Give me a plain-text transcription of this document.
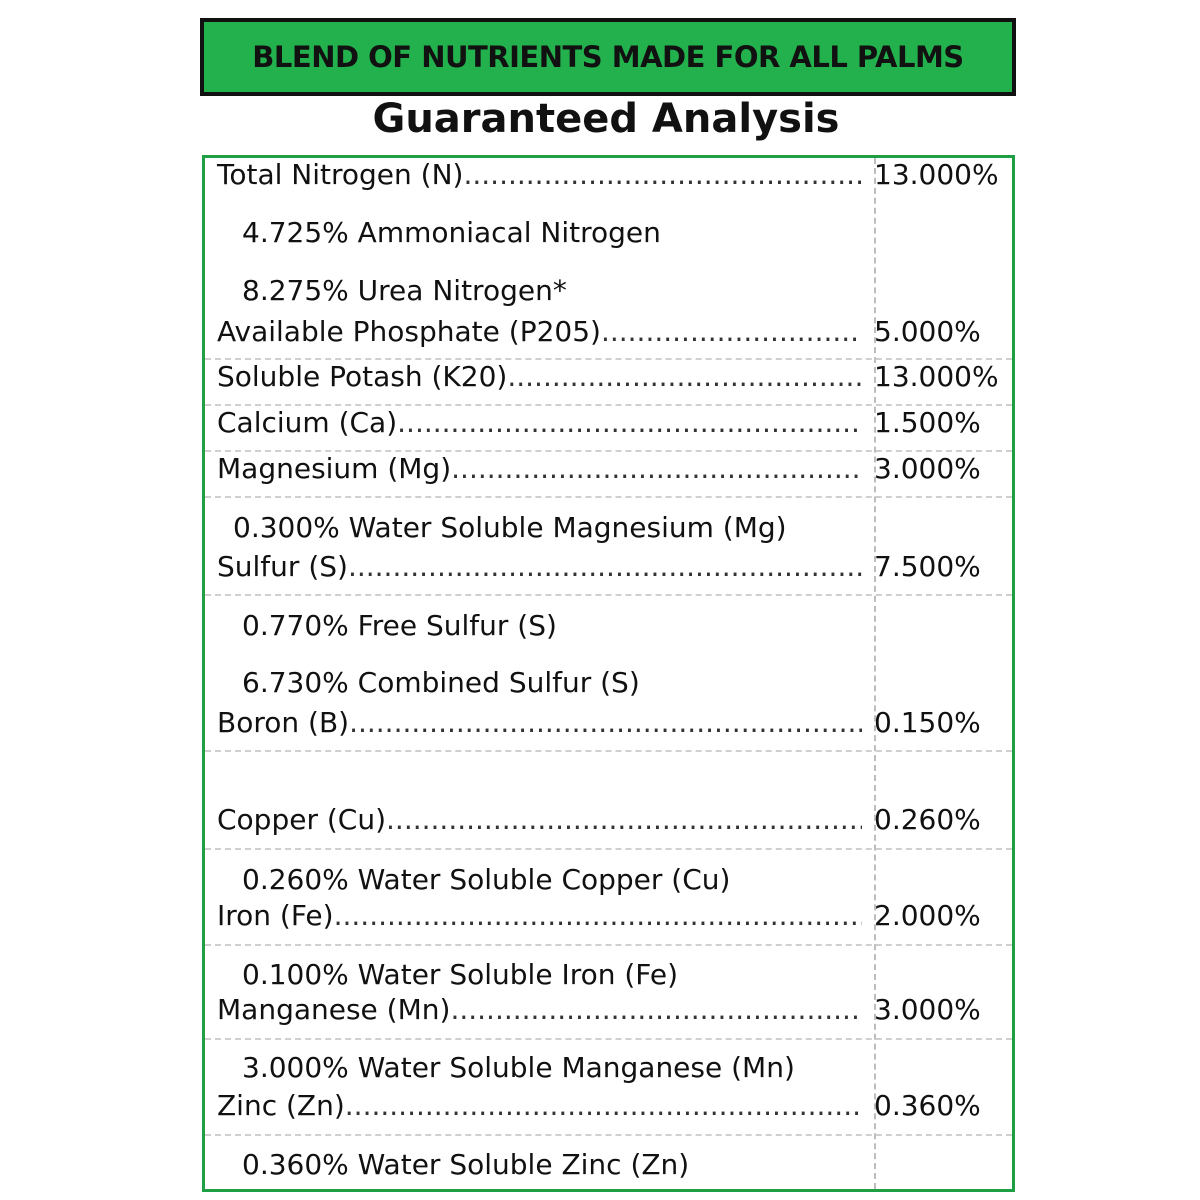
BLEND OF NUTRIENTS MADE FOR ALL PALMS
Guaranteed Analysis
Total Nitrogen (N) .....	13.000%
4.725% Ammoniacal Nitrogen
8.275% Urea Nitrogen*
Available Phosphate (P205) .....	5.000%
Soluble Potash (K20) .....	13.000%
Calcium (Ca) .....	1.500%
Magnesium (Mg) .....	3.000%
0.300% Water Soluble Magnesium (Mg)
Sulfur (S) .....	7.500%
0.770% Free Sulfur (S)
6.730% Combined Sulfur (S)
Boron (B) .....	0.150%
Copper (Cu) .....	0.260%
0.260% Water Soluble Copper (Cu)
Iron (Fe) .....	2.000%
0.100% Water Soluble Iron (Fe)
Manganese (Mn) .....	3.000%
3.000% Water Soluble Manganese (Mn)
Zinc (Zn) .....	0.360%
0.360% Water Soluble Zinc (Zn)
